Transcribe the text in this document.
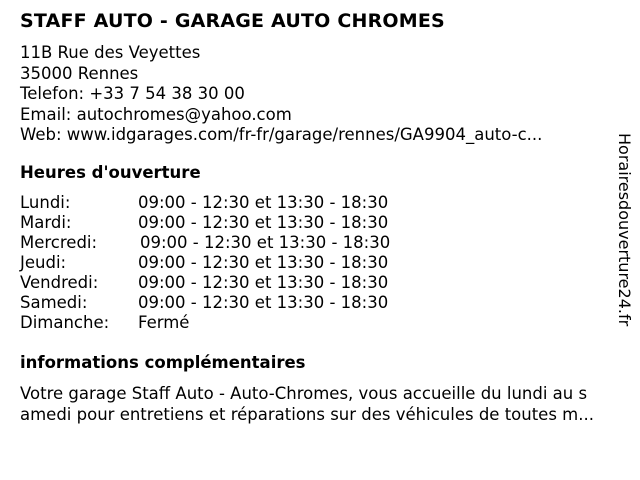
STAFF AUTO - GARAGE AUTO CHROMES
11B Rue des Veyettes
35000 Rennes
Telefon: +33 7 54 38 30 00
Email: autochromes@yahoo.com
Web: www.idgarages.com/fr-fr/garage/rennes/GA9904_auto-c...
Heures d'ouverture
Lundi:	09:00 - 12:30 et 13:30 - 18:30
Mardi:	09:00 - 12:30 et 13:30 - 18:30
Mercredi:	09:00 - 12:30 et 13:30 - 18:30
Jeudi:	09:00 - 12:30 et 13:30 - 18:30
Vendredi: 09:00 - 12:30 et 13:30 - 18:30
Samedi:	09:00 - 12:30 et 13:30 - 18:30
Dimanche: Fermé
informations complémentaires
Votre garage Staff Auto - Auto-Chromes, vous accueille du lundi au s
amedi pour entretiens et réparations sur des véhicules de toutes m...
Horairesdouverture24.fr
